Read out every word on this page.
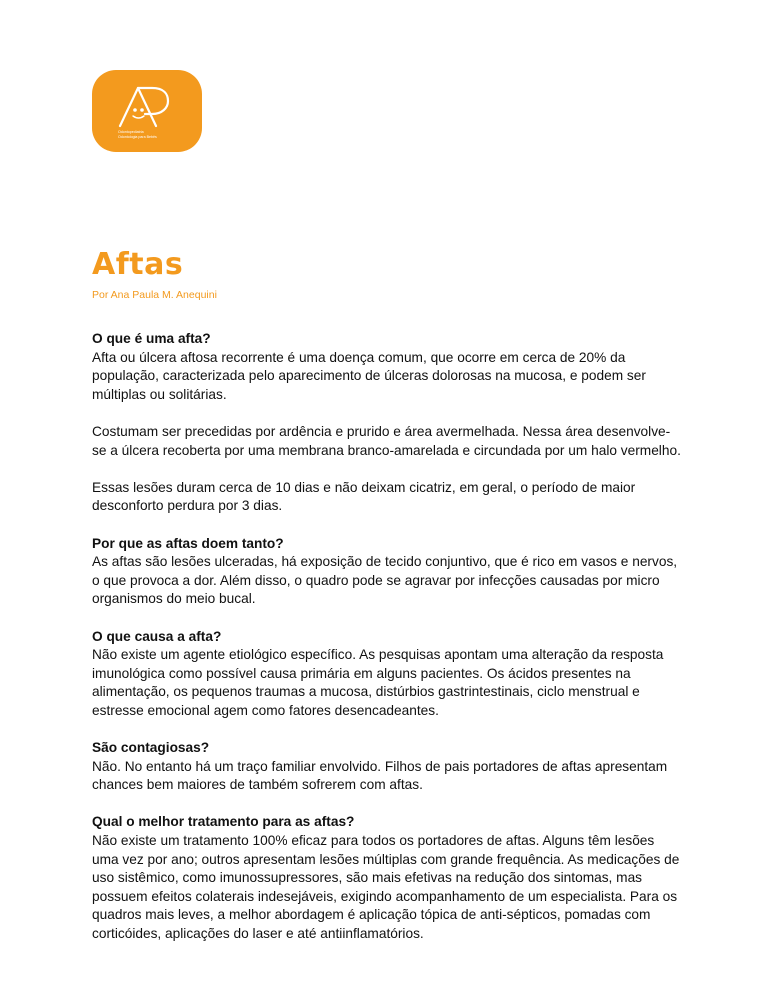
Odontopediatria
Odontologia para Bebês
Aftas
Por Ana Paula M. Anequini
O que é uma afta?

Afta ou úlcera aftosa recorrente é uma doença comum, que ocorre em cerca de 20% da população, caracterizada pelo aparecimento de úlceras dolorosas na mucosa, e podem ser múltiplas ou solitárias.

Costumam ser precedidas por ardência e prurido e área avermelhada. Nessa área desenvolve-se a úlcera recoberta por uma membrana branco-amarelada e circundada por um halo vermelho.

Essas lesões duram cerca de 10 dias e não deixam cicatriz, em geral, o período de maior desconforto perdura por 3 dias.

Por que as aftas doem tanto?

As aftas são lesões ulceradas, há exposição de tecido conjuntivo, que é rico em vasos e nervos, o que provoca a dor. Além disso, o quadro pode se agravar por infecções causadas por micro organismos do meio bucal.

O que causa a afta?

Não existe um agente etiológico específico. As pesquisas apontam uma alteração da resposta imunológica como possível causa primária em alguns pacientes. Os ácidos presentes na alimentação, os pequenos traumas a mucosa, distúrbios gastrintestinais, ciclo menstrual e estresse emocional agem como fatores desencadeantes.

São contagiosas?

Não. No entanto há um traço familiar envolvido. Filhos de pais portadores de aftas apresentam chances bem maiores de também sofrerem com aftas.

Qual o melhor tratamento para as aftas?

Não existe um tratamento 100% eficaz para todos os portadores de aftas. Alguns têm lesões uma vez por ano; outros apresentam lesões múltiplas com grande frequência. As medicações de uso sistêmico, como imunossupressores, são mais efetivas na redução dos sintomas, mas possuem efeitos colaterais indesejáveis, exigindo acompanhamento de um especialista. Para os quadros mais leves, a melhor abordagem é aplicação tópica de anti-sépticos, pomadas com corticóides, aplicações do laser e até antiinflamatórios.
